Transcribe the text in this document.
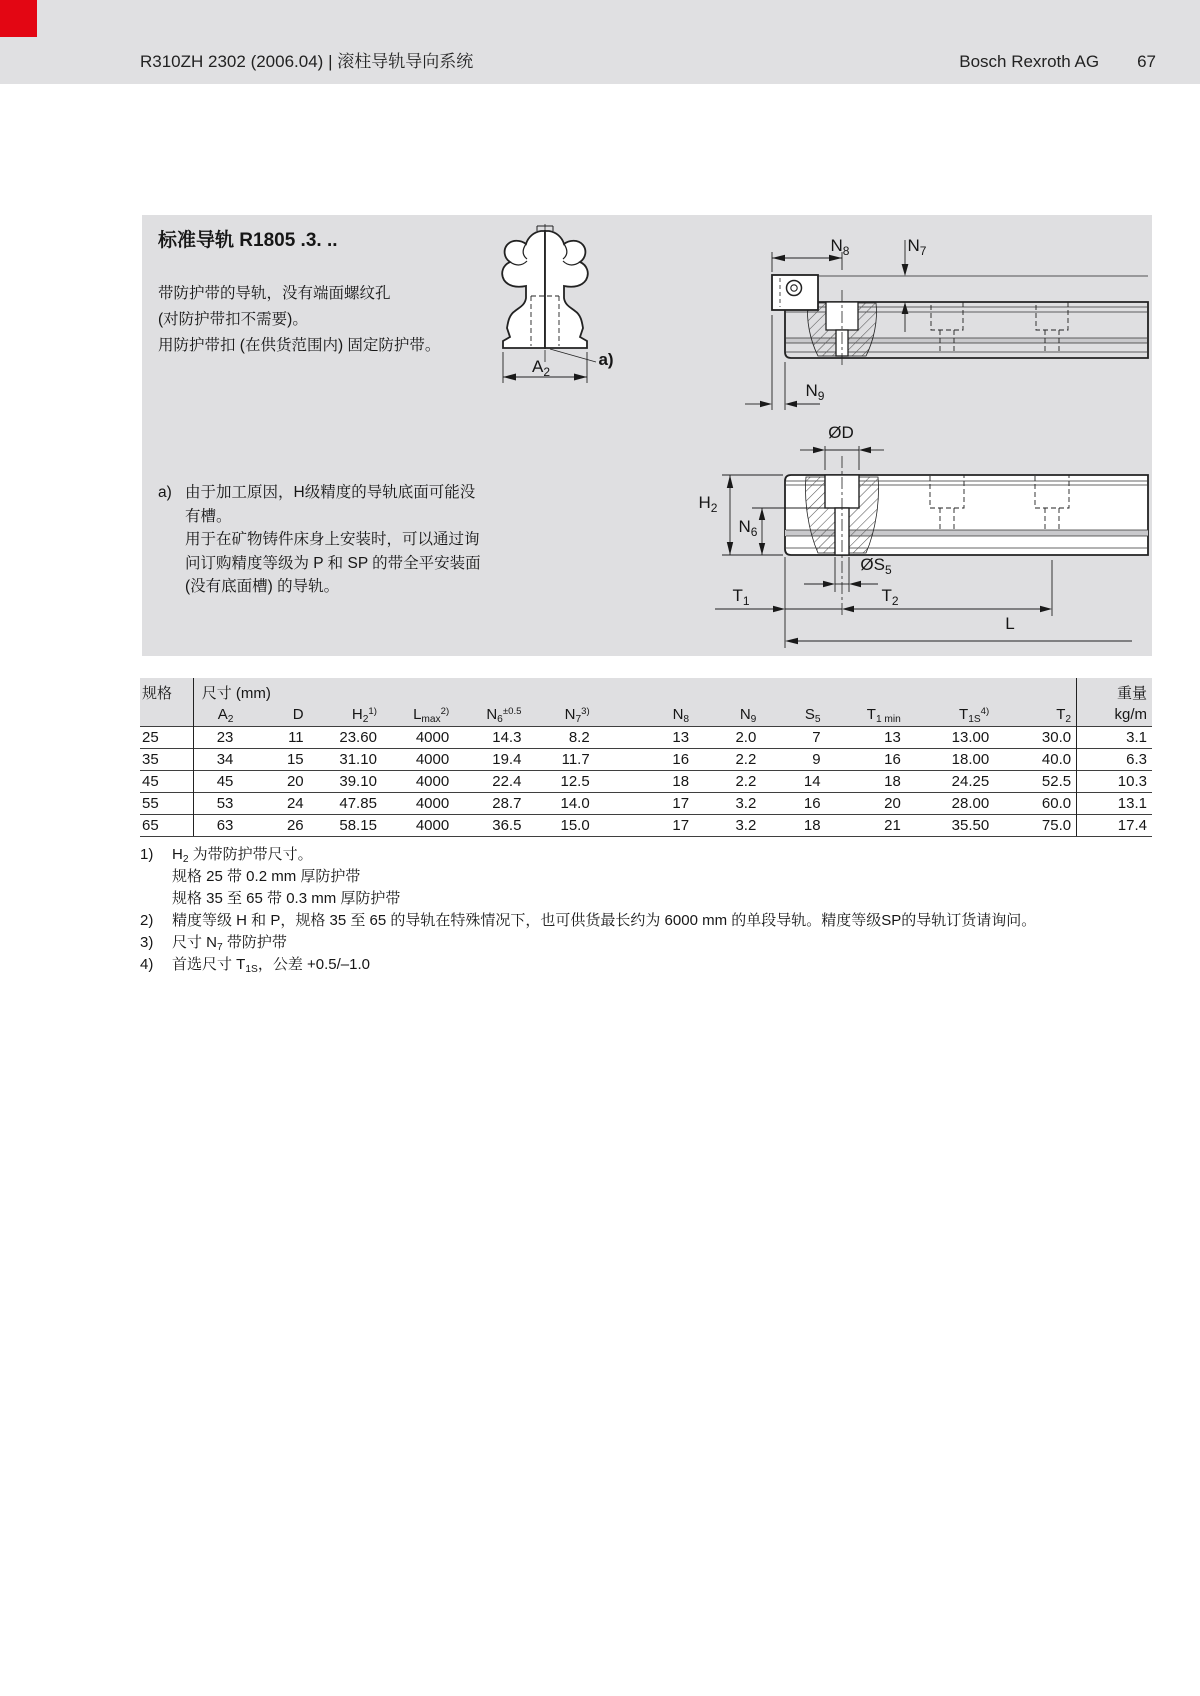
R310ZH 2302 (2006.04) | 滚柱导轨导向系统	Bosch Rexroth AG 67
标准导轨 R1805 .3. ..
带防护带的导轨，没有端面螺纹孔
(对防护带扣不需要)。
用防护带扣 (在供货范围内) 固定防护带。
a) 由于加工原因，H级精度的导轨底面可能没
有槽。
用于在矿物铸件床身上安装时，可以通过询
问订购精度等级为 P 和 SP 的带全平安装面
(没有底面槽) 的导轨。
$A_2$
a)
$N_8$	$N_7$
$N_9$
ØD
$H_2$
$N_6$
$ØS_5$
$T_1$	$T_2$
L
规格	尺寸 (mm)												重量
	$A_2$	D	$H_2^{1)}$	$L_{max}^{2)}$	$N_6^{\pm 0.5}$	$N_7^{3)}$	$N_8$	$N_9$	$S_5$	$T_{1 min}$	$T_{1S}^{4)}$	$T_2$	kg/m
25	23	11	23.60	4000	14.3	8.2	13	2.0	7	13	13.00	30.0	3.1
35	34	15	31.10	4000	19.4	11.7	16	2.2	9	16	18.00	40.0	6.3
45	45	20	39.10	4000	22.4	12.5	18	2.2	14	18	24.25	52.5	10.3
55	53	24	47.85	4000	28.7	14.0	17	3.2	16	20	28.00	60.0	13.1
65	63	26	58.15	4000	36.5	15.0	17	3.2	18	21	35.50	75.0	17.4
1)	$H_2$ 为带防护带尺寸。
规格 25 带 0.2 mm 厚防护带
规格 35 至 65 带 0.3 mm 厚防护带
2)	精度等级 H 和 P，规格 35 至 65 的导轨在特殊情况下，也可供货最长约为 6000 mm 的单段导轨。精度等级SP的导轨订货请询问。
3)	尺寸 $N_7$ 带防护带
4)	首选尺寸 $T_{1S}$，公差 +0.5/–1.0
